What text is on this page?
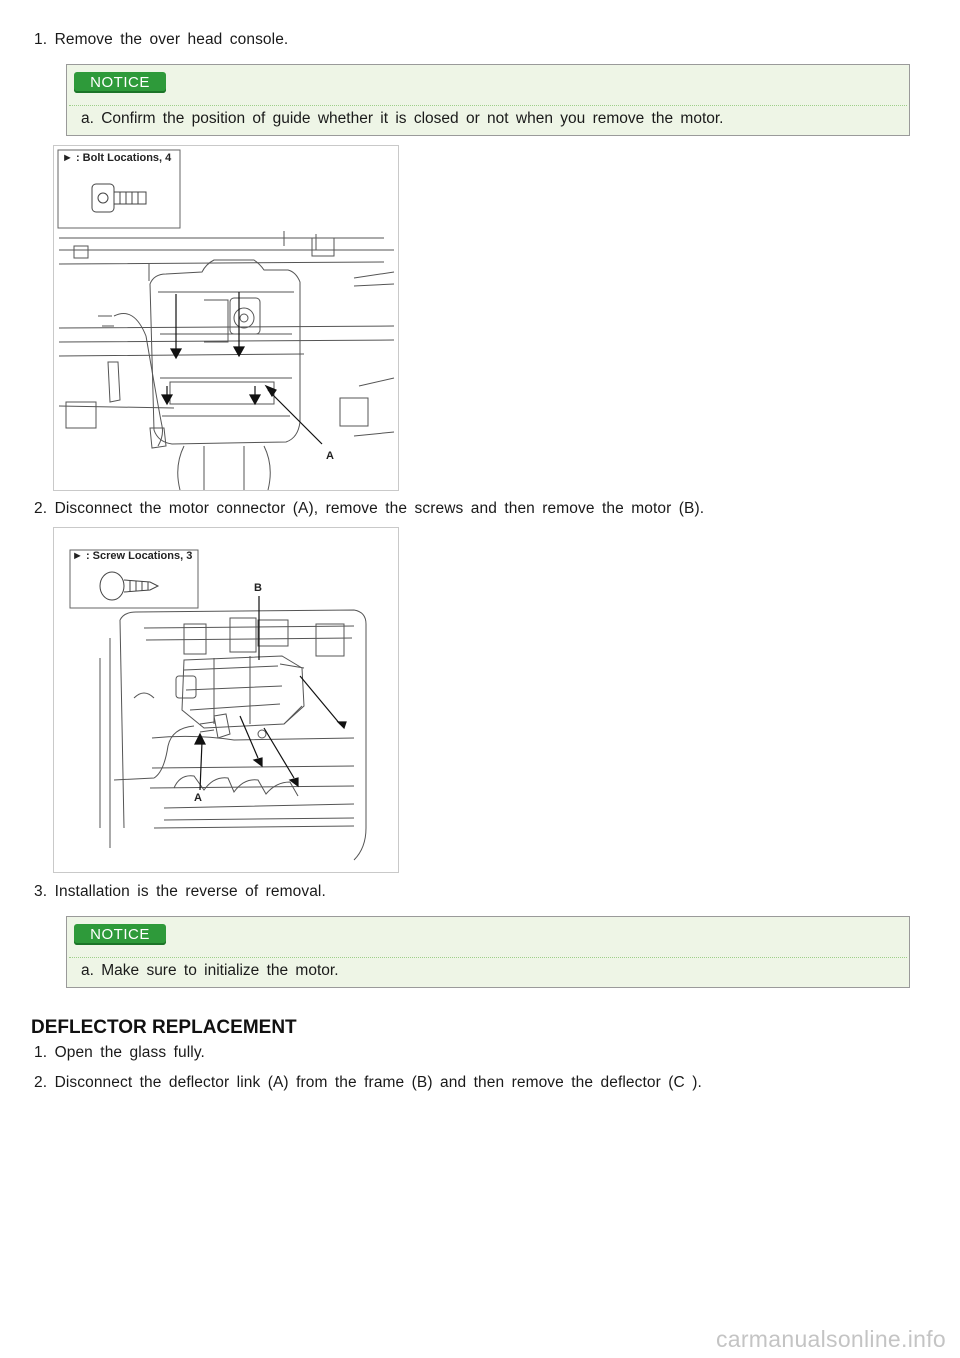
1. Remove the over head console.
NOTICE
a. Confirm the position of guide whether it is closed or not when you remove the motor.
► : Bolt Locations, 4
A
2. Disconnect the motor connector (A), remove the screws and then remove the motor (B).
► : Screw Locations, 3
B
A
3. Installation is the reverse of removal.
NOTICE
a. Make sure to initialize the motor.
DEFLECTOR REPLACEMENT
1. Open the glass fully.
2. Disconnect the deflector link (A) from the frame (B) and then remove the deflector (C ).
carmanualsonline.info
